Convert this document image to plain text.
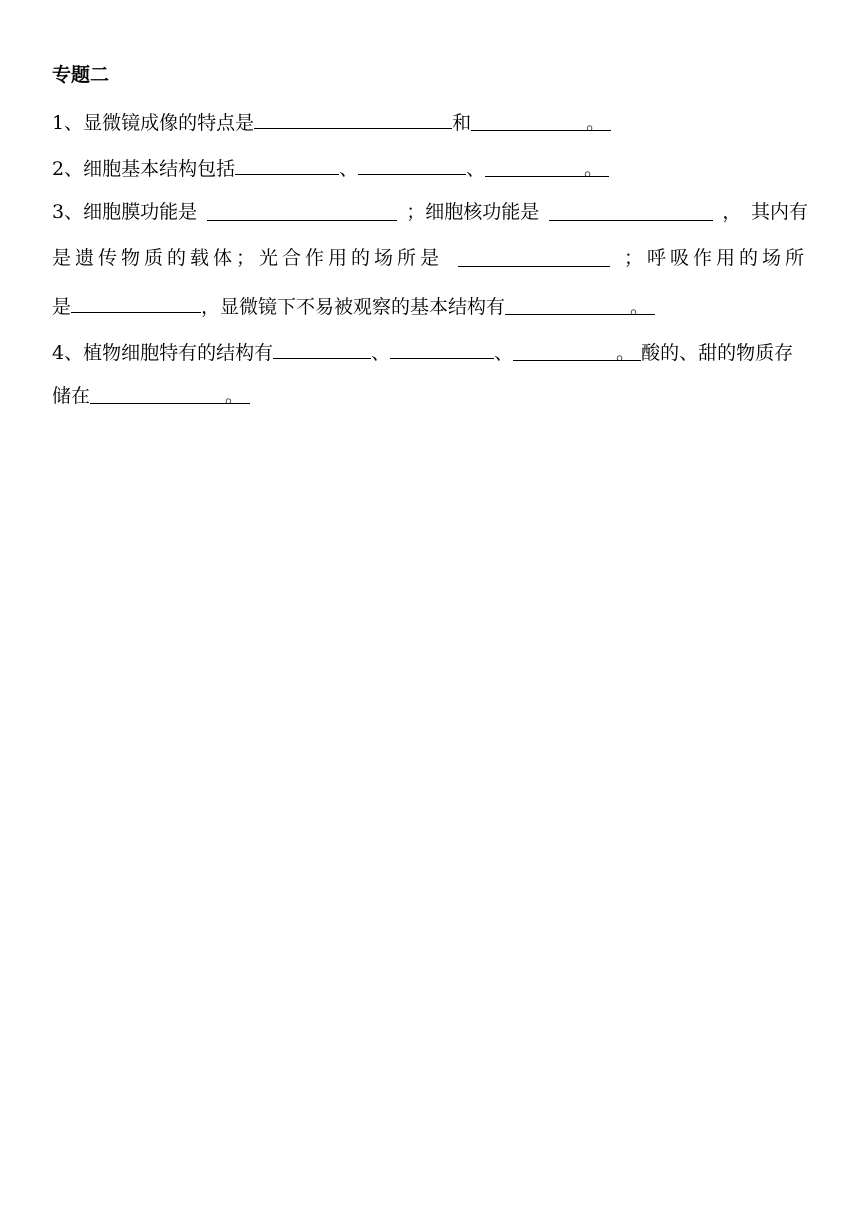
专题二
1、显微镜成像的特点是	和	。
2、细胞基本结构包括	、	、	。
3、细胞膜功能是	；细胞核功能是	， 其内有
是遗传物质的载体；光合作用的场所是	；呼吸作用的场所
是	，显微镜下不易被观察的基本结构有	。
4、植物细胞特有的结构有	、	、	。 酸的、甜的物质存
储在	。
